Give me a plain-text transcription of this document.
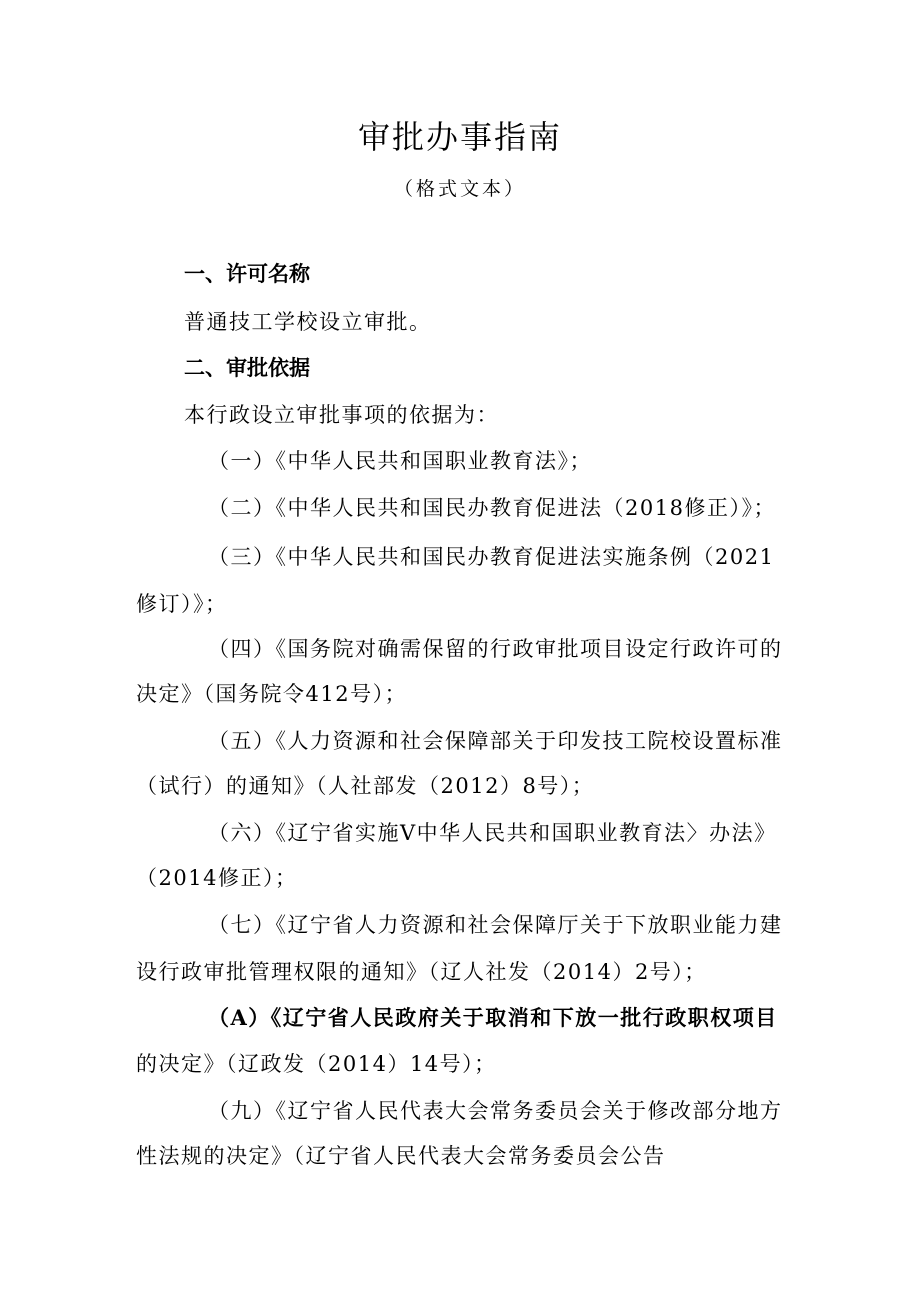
审批办事指南
（格式文本）
一、许可名称
普通技工学校设立审批。
二、审批依据
本行政设立审批事项的依据为：
（一）《中华人民共和国职业教育法》；
（二）《中华人民共和国民办教育促进法（2018修正）》；
（三）《中华人民共和国民办教育促进法实施条例（2021
修订）》；
（四）《国务院对确需保留的行政审批项目设定行政许可的
决定》（国务院令412号）；
（五）《人力资源和社会保障部关于印发技工院校设置标准
（试行）的通知》（人社部发（2012）8号）；
（六）《辽宁省实施V中华人民共和国职业教育法〉办法》
（2014修正）；
（七）《辽宁省人力资源和社会保障厅关于下放职业能力建
设行政审批管理权限的通知》（辽人社发（2014）2号）；
（A）《辽宁省人民政府关于取消和下放一批行政职权项目
的决定》（辽政发（2014）14号）；
（九）《辽宁省人民代表大会常务委员会关于修改部分地方
性法规的决定》（辽宁省人民代表大会常务委员会公告
